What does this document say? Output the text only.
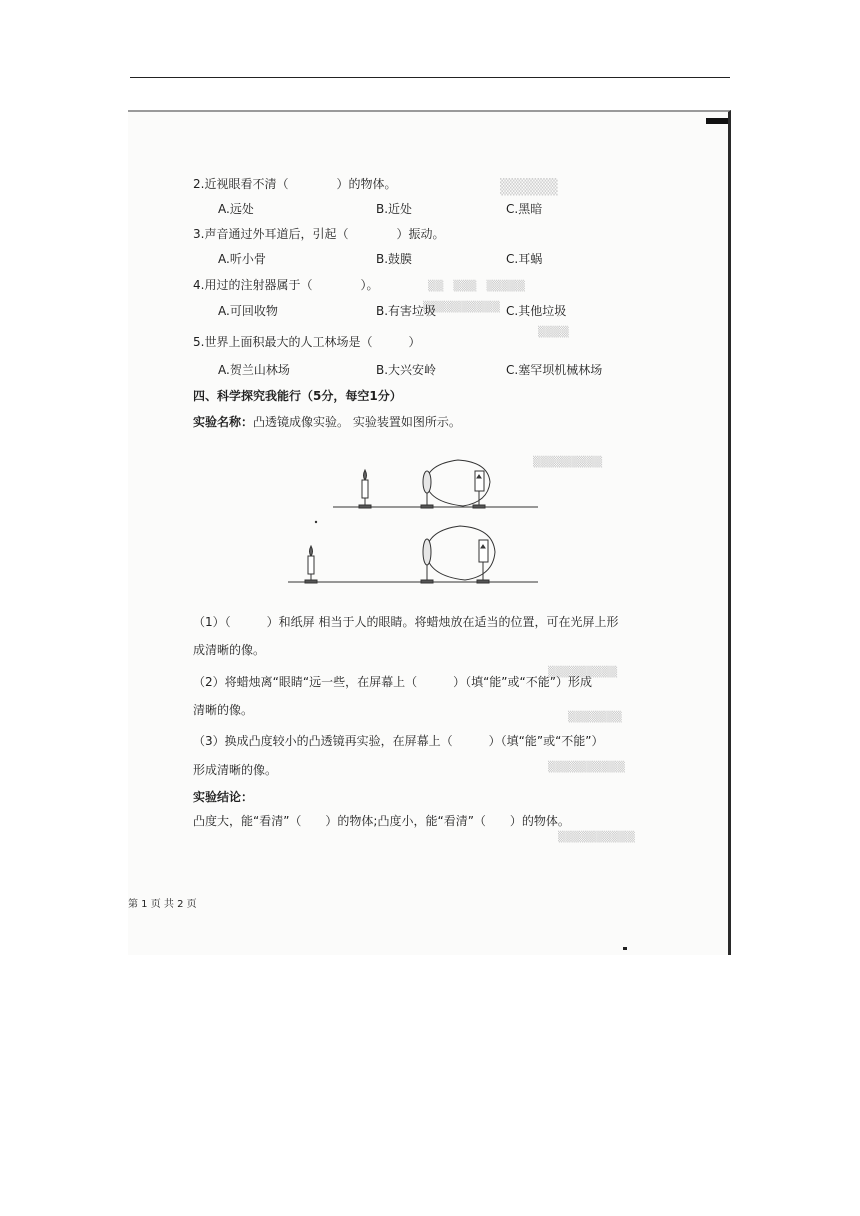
▒▒▒▒▒
▒▒　▒▒▒　▒▒▒▒▒
▒▒▒▒▒▒▒▒▒▒
▒▒▒▒
▒▒▒▒▒▒▒▒▒
▒▒▒▒▒▒▒▒▒
▒▒▒▒▒▒▒
▒▒▒▒▒▒▒▒▒▒
▒▒▒▒▒▒▒▒▒▒
2.近视眼看不清（　　　　）的物体。
A.远处	B.近处	C.黑暗
3.声音通过外耳道后，引起（　　　　）振动。
A.听小骨	B.鼓膜	C.耳蜗
4.用过的注射器属于（　　　　）。
A.可回收物	B.有害垃圾	C.其他垃圾
5.世界上面积最大的人工林场是（　　　）
A.贺兰山林场	B.大兴安岭	C.塞罕坝机械林场
四、科学探究我能行（5分，每空1分）
实验名称：凸透镜成像实验。 实验装置如图所示。
（1）（　　　）和纸屏 相当于人的眼睛。将蜡烛放在适当的位置，可在光屏上形
成清晰的像。
（2）将蜡烛离“眼睛“远一些，在屏幕上（　　　）（填“能”或“不能”）形成
清晰的像。
（3）换成凸度较小的凸透镜再实验，在屏幕上（　　　）（填“能”或“不能”）
形成清晰的像。
实验结论：
凸度大，能“看清”（　　）的物体;凸度小，能“看清”（　　）的物体。
第 1 页 共 2 页
